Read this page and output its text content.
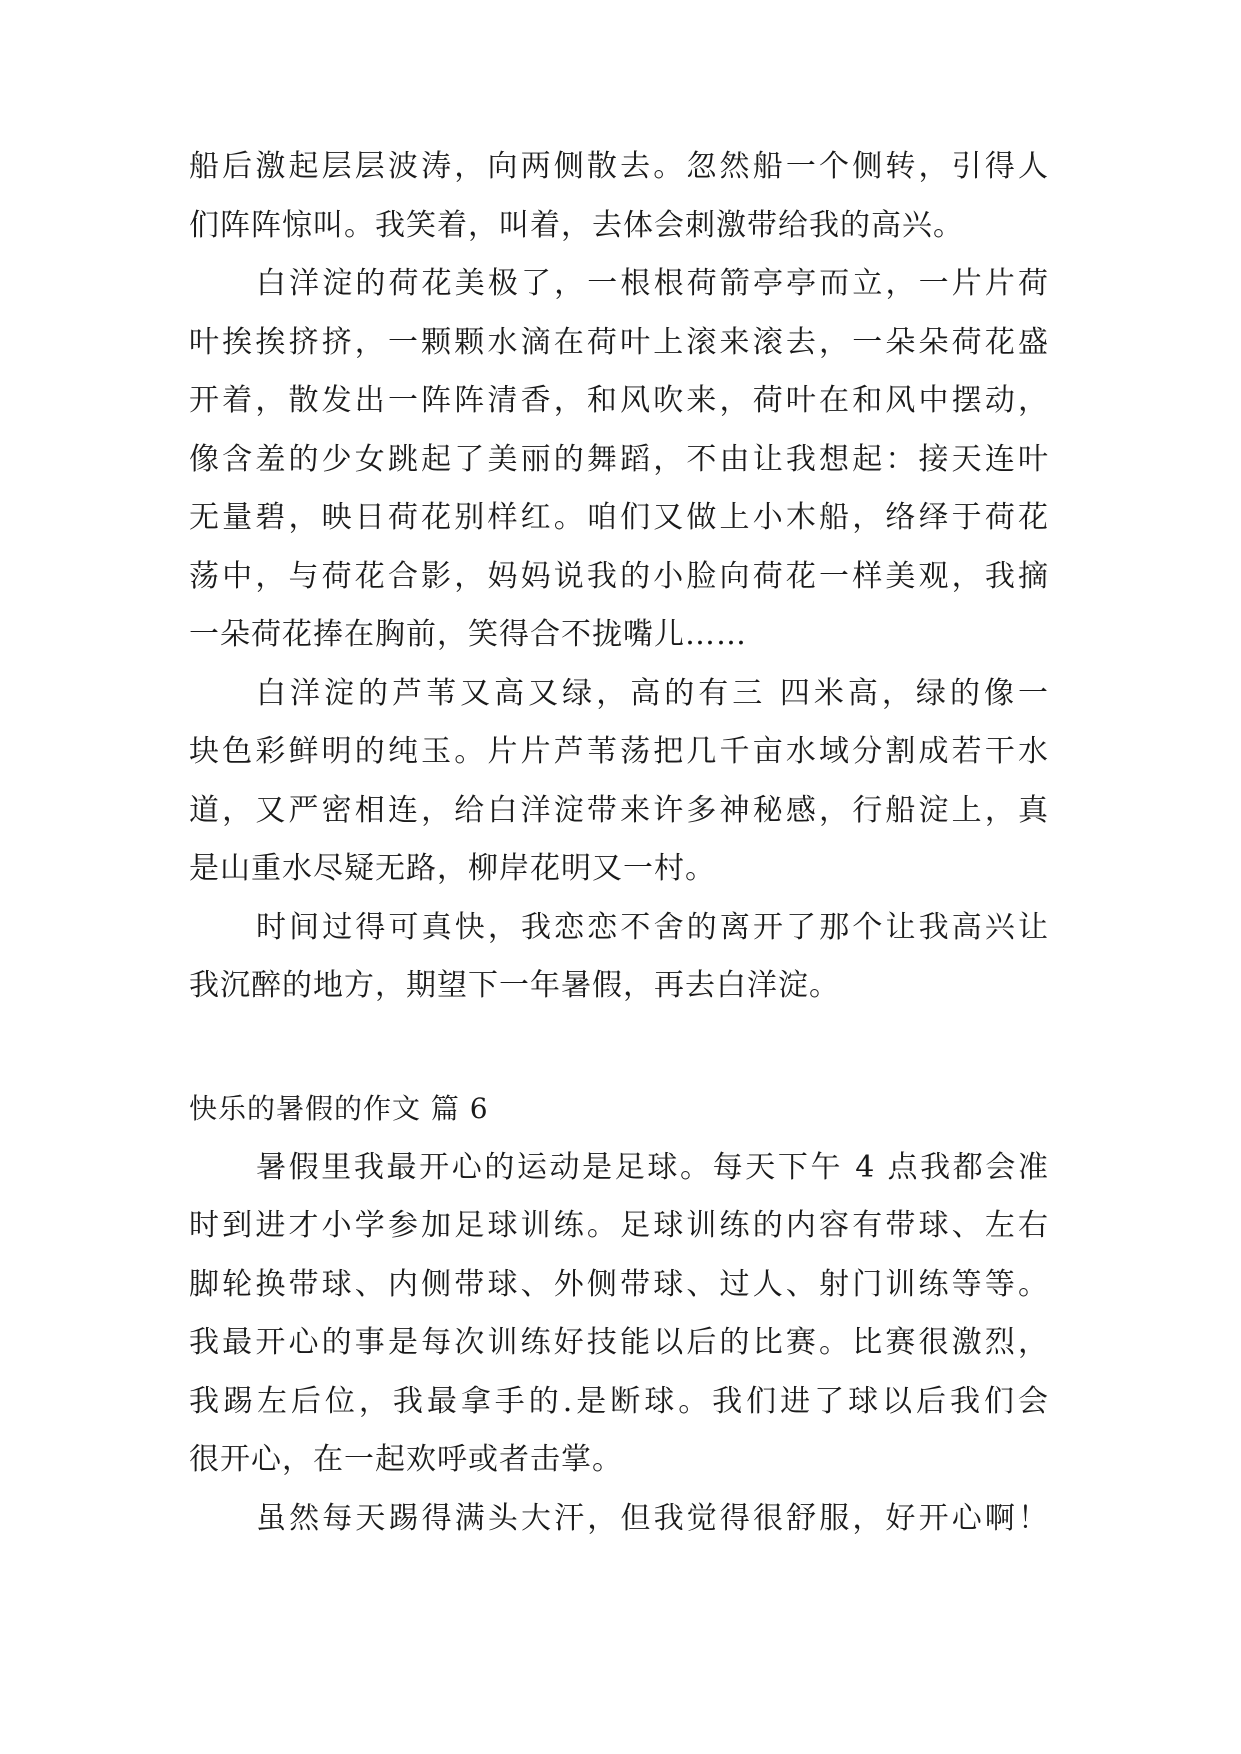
船后激起层层波涛，向两侧散去。忽然船一个侧转，引得人
们阵阵惊叫。我笑着，叫着，去体会刺激带给我的高兴。
白洋淀的荷花美极了，一根根荷箭亭亭而立，一片片荷
叶挨挨挤挤，一颗颗水滴在荷叶上滚来滚去，一朵朵荷花盛
开着，散发出一阵阵清香，和风吹来，荷叶在和风中摆动，
像含羞的少女跳起了美丽的舞蹈，不由让我想起：接天连叶
无量碧，映日荷花别样红。咱们又做上小木船，络绎于荷花
荡中，与荷花合影，妈妈说我的小脸向荷花一样美观，我摘
一朵荷花捧在胸前，笑得合不拢嘴儿……
白洋淀的芦苇又高又绿，高的有三 四米高，绿的像一
块色彩鲜明的纯玉。片片芦苇荡把几千亩水域分割成若干水
道，又严密相连，给白洋淀带来许多神秘感，行船淀上，真
是山重水尽疑无路，柳岸花明又一村。
时间过得可真快，我恋恋不舍的离开了那个让我高兴让
我沉醉的地方，期望下一年暑假，再去白洋淀。
快乐的暑假的作文 篇 6
暑假里我最开心的运动是足球。每天下午 4 点我都会准
时到进才小学参加足球训练。足球训练的内容有带球、左右
脚轮换带球、内侧带球、外侧带球、过人、射门训练等等。
我最开心的事是每次训练好技能以后的比赛。比赛很激烈，
我踢左后位，我最拿手的.是断球。我们进了球以后我们会
很开心，在一起欢呼或者击掌。
虽然每天踢得满头大汗，但我觉得很舒服，好开心啊！
